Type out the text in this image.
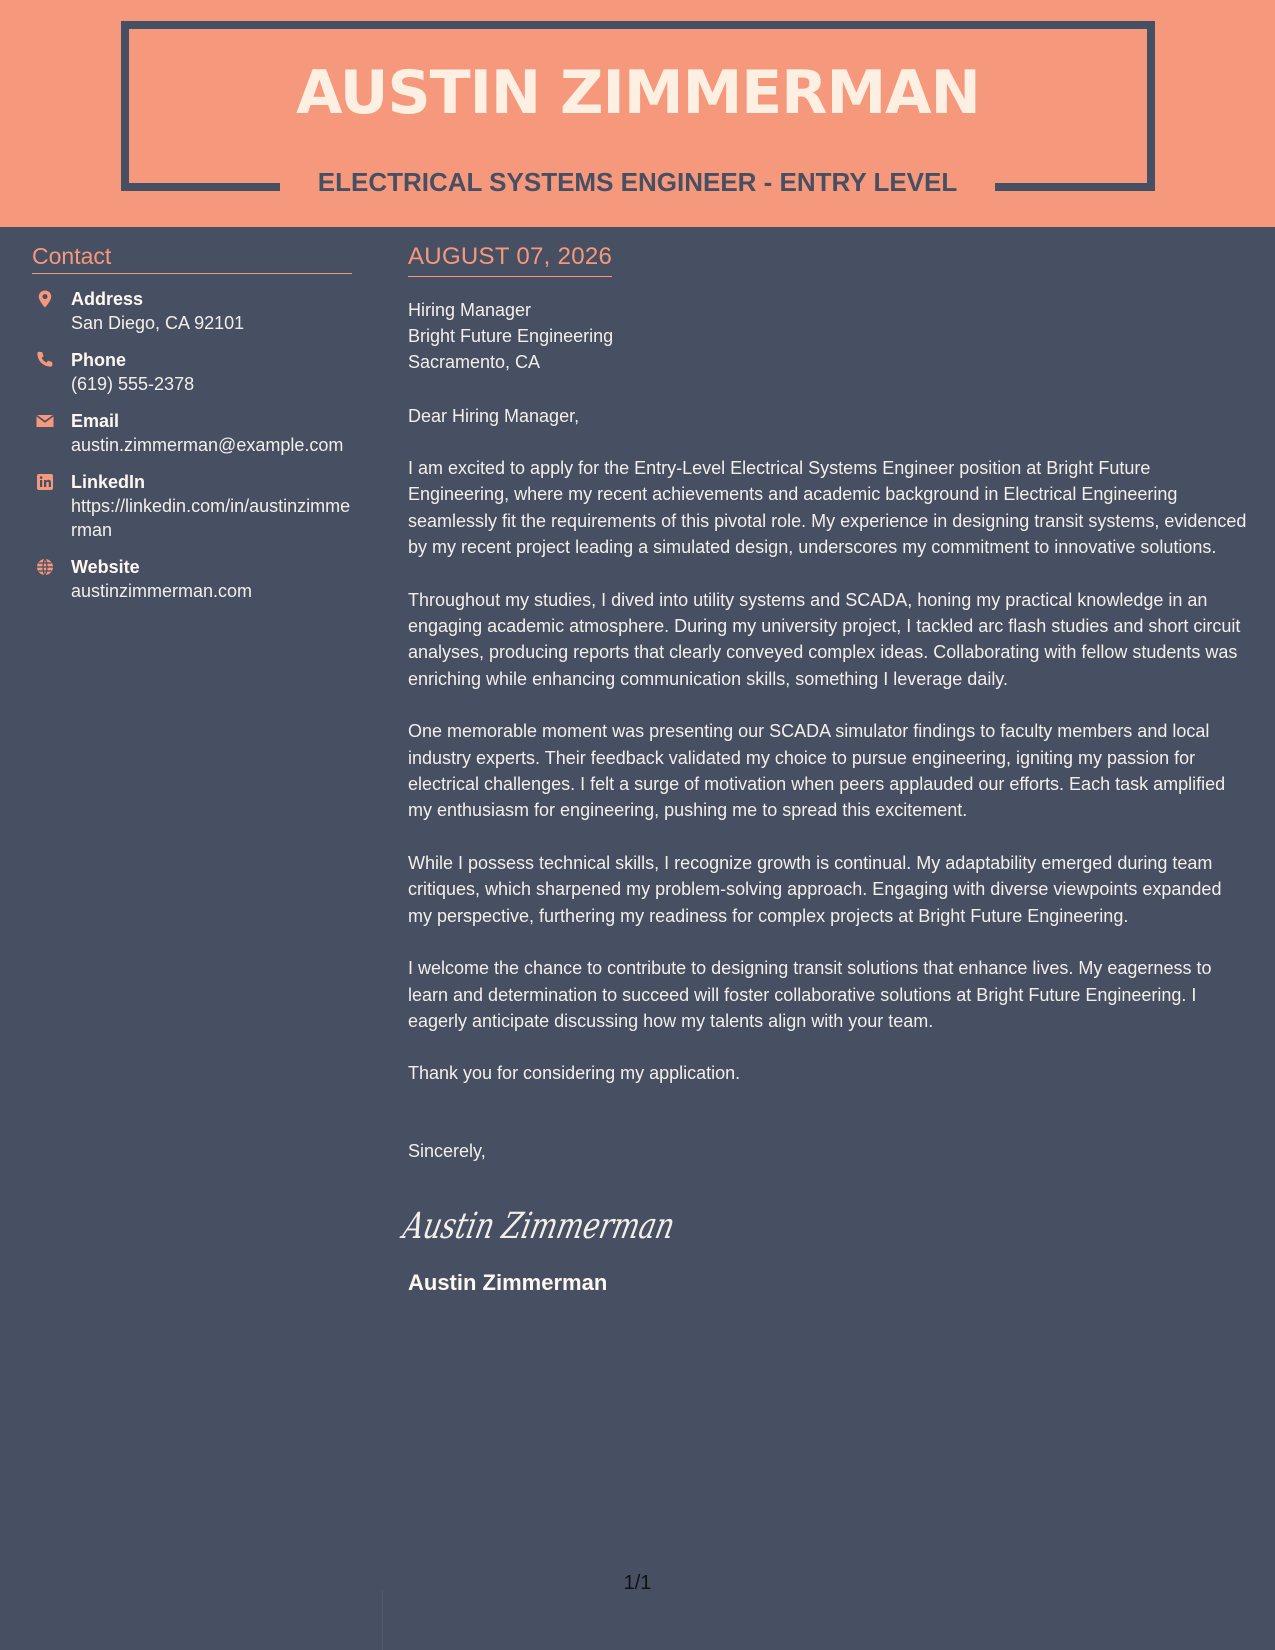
AUSTIN ZIMMERMAN
ELECTRICAL SYSTEMS ENGINEER - ENTRY LEVEL
Contact
Address
San Diego, CA 92101
Phone
(619) 555-2378
Email
austin.zimmerman@example.com
LinkedIn
https://linkedin.com/in/austinzimmerman
Website
austinzimmerman.com
AUGUST 07, 2026
Hiring Manager
Bright Future Engineering
Sacramento, CA
Dear Hiring Manager,

I am excited to apply for the Entry-Level Electrical Systems Engineer position at Bright Future Engineering, where my recent achievements and academic background in Electrical Engineering seamlessly fit the requirements of this pivotal role. My experience in designing transit systems, evidenced by my recent project leading a simulated design, underscores my commitment to innovative solutions.

Throughout my studies, I dived into utility systems and SCADA, honing my practical knowledge in an engaging academic atmosphere. During my university project, I tackled arc flash studies and short circuit analyses, producing reports that clearly conveyed complex ideas. Collaborating with fellow students was enriching while enhancing communication skills, something I leverage daily.

One memorable moment was presenting our SCADA simulator findings to faculty members and local industry experts. Their feedback validated my choice to pursue engineering, igniting my passion for electrical challenges. I felt a surge of motivation when peers applauded our efforts. Each task amplified my enthusiasm for engineering, pushing me to spread this excitement.

While I possess technical skills, I recognize growth is continual. My adaptability emerged during team critiques, which sharpened my problem-solving approach. Engaging with diverse viewpoints expanded my perspective, furthering my readiness for complex projects at Bright Future Engineering.

I welcome the chance to contribute to designing transit solutions that enhance lives. My eagerness to learn and determination to succeed will foster collaborative solutions at Bright Future Engineering. I eagerly anticipate discussing how my talents align with your team.

Thank you for considering my application.

Sincerely,
Austin Zimmerman
Austin Zimmerman
1/1
